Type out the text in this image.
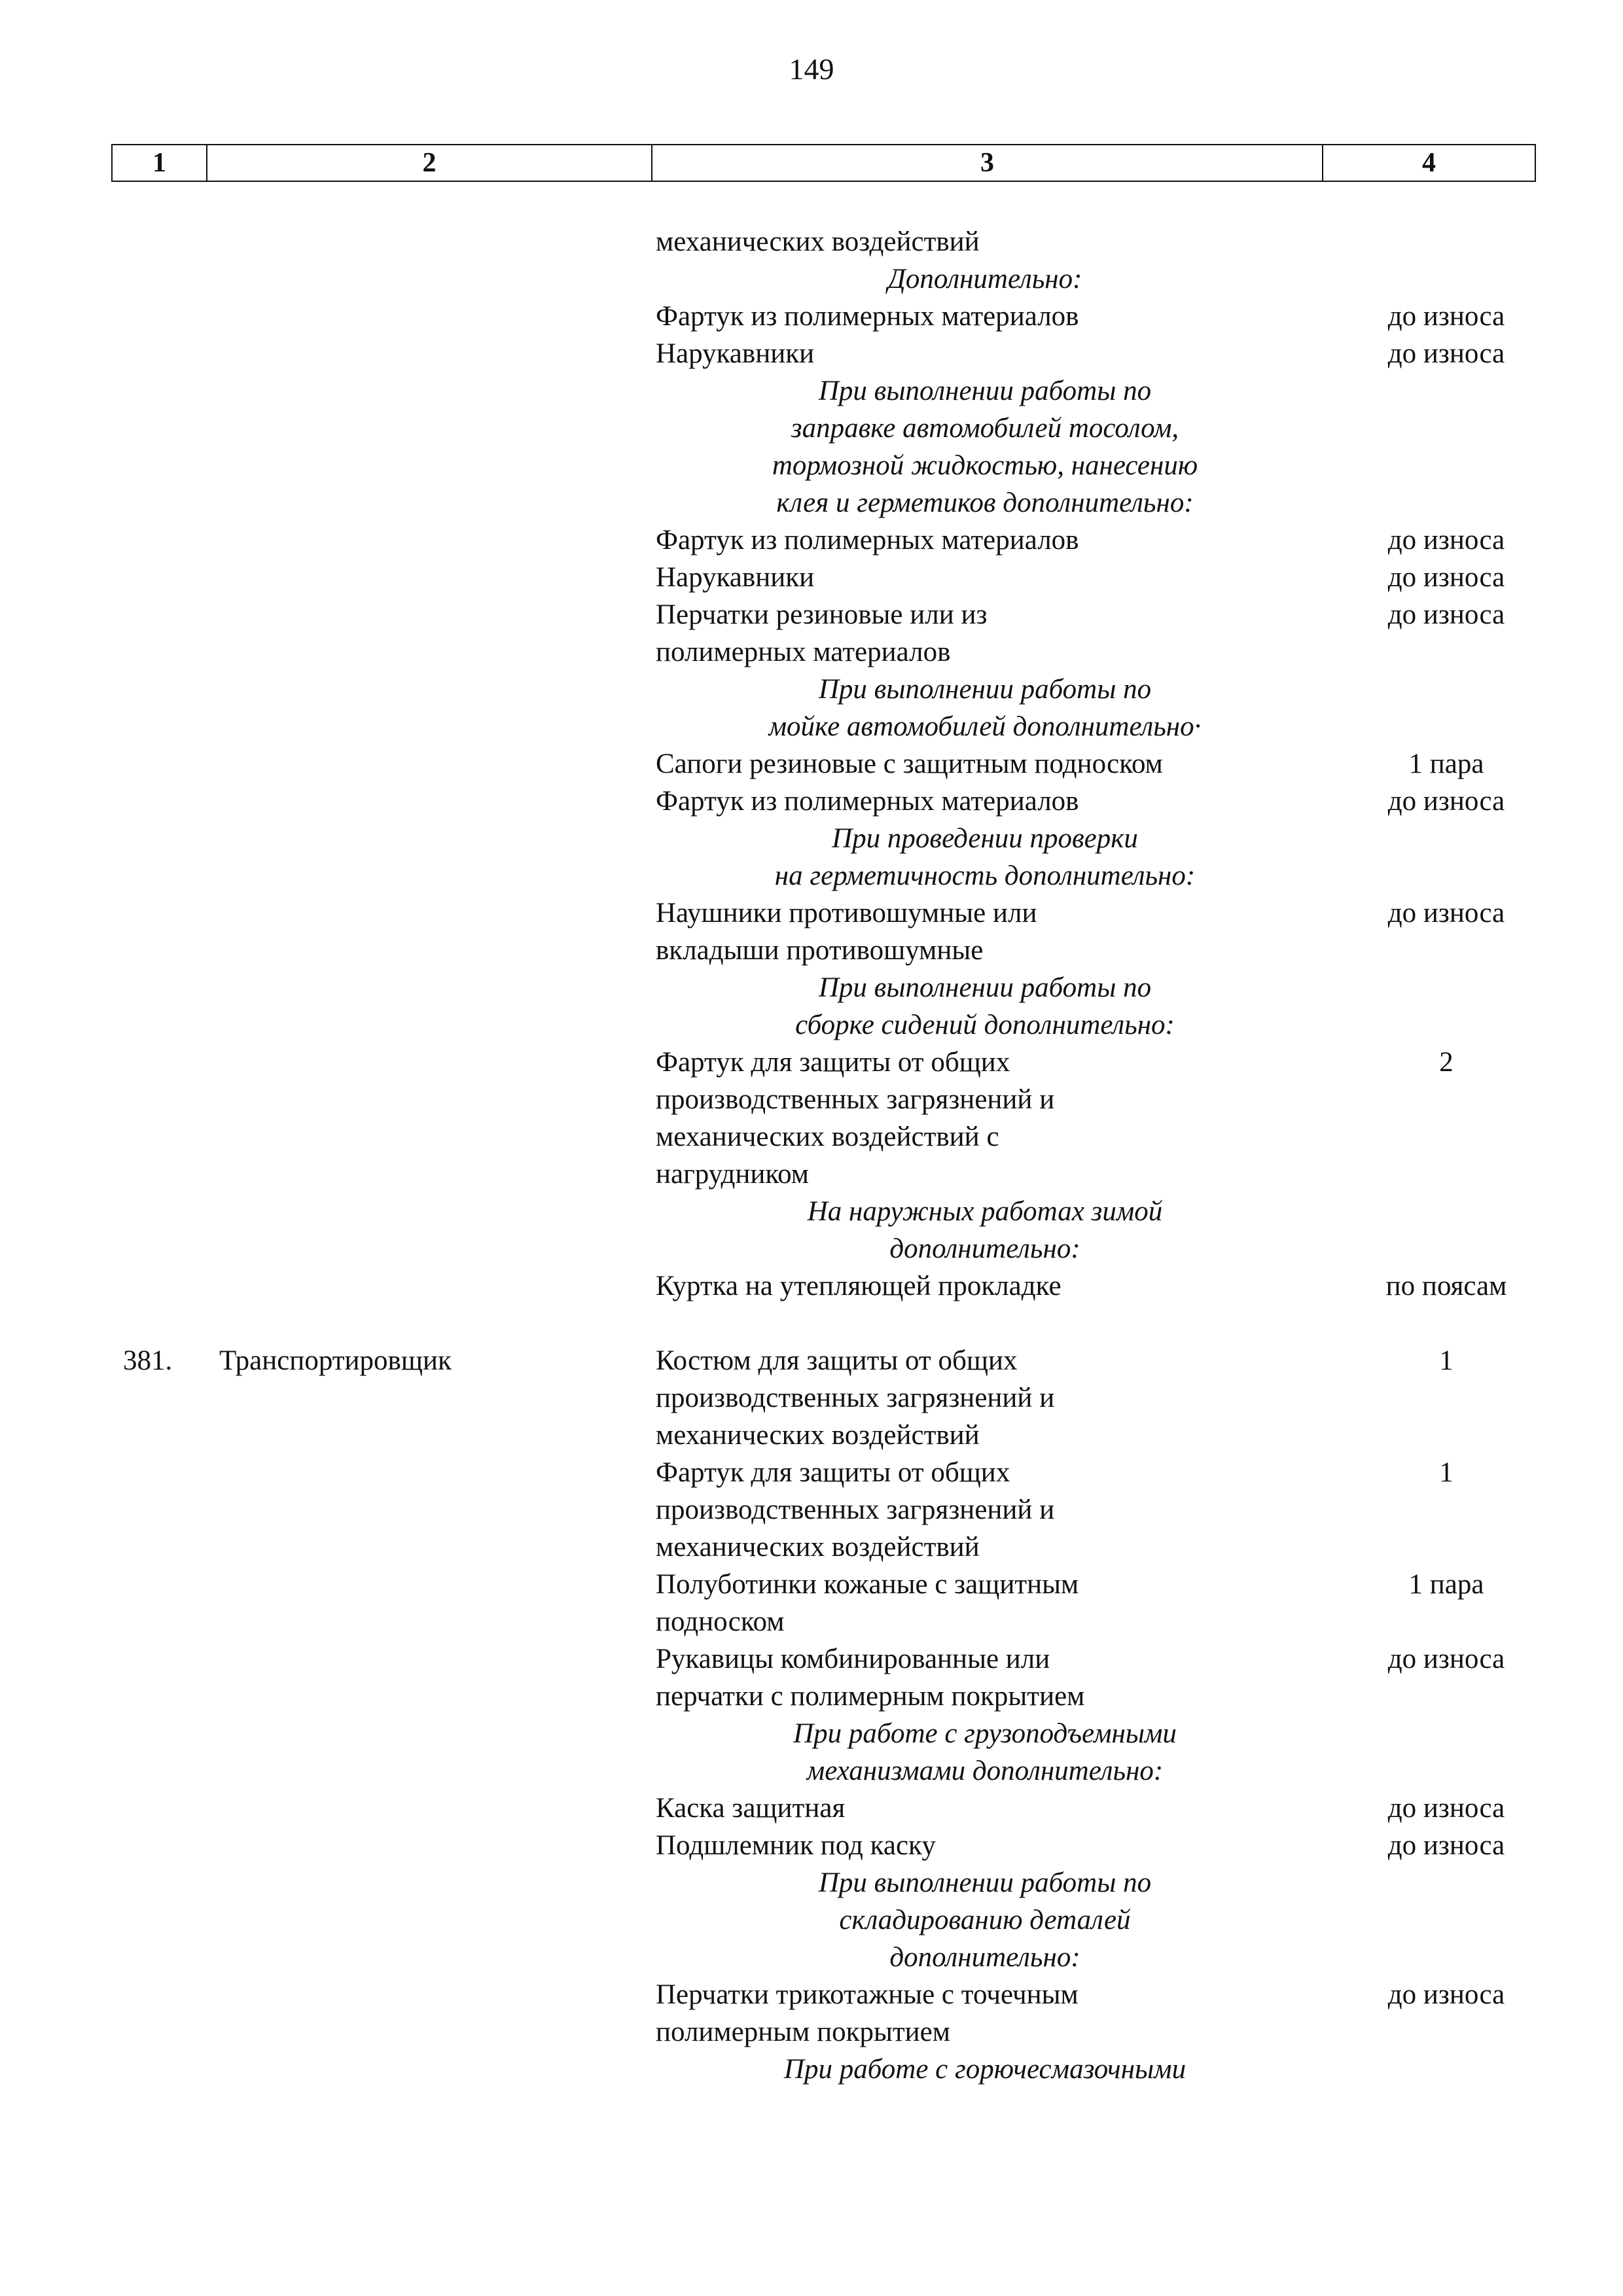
149
1	2	3	4
механических воздействий
Дополнительно:
Фартук из полимерных материалов	до износа
Нарукавники	до износа
При выполнении работы по
заправке автомобилей тосолом,
тормозной жидкостью, нанесению
клея и герметиков дополнительно:
Фартук из полимерных материалов	до износа
Нарукавники	до износа
Перчатки резиновые или из	до износа
полимерных материалов
При выполнении работы по
мойке автомобилей дополнительно·
Сапоги резиновые с защитным подноском	1 пара
Фартук из полимерных материалов	до износа
При проведении проверки
на герметичность дополнительно:
Наушники противошумные или	до износа
вкладыши противошумные
При выполнении работы по
сборке сидений дополнительно:
Фартук для защиты от общих	2
производственных загрязнений и
механических воздействий с
нагрудником
На наружных работах зимой
дополнительно:
Куртка на утепляющей прокладке	по поясам
381. Транспортировщик	Костюм для защиты от общих	1
производственных загрязнений и
механических воздействий
Фартук для защиты от общих	1
производственных загрязнений и
механических воздействий
Полуботинки кожаные с защитным	1 пара
подноском
Рукавицы комбинированные или	до износа
перчатки с полимерным покрытием
При работе с грузоподъемными
механизмами дополнительно:
Каска защитная	до износа
Подшлемник под каску	до износа
При выполнении работы по
складированию деталей
дополнительно:
Перчатки трикотажные с точечным	до износа
полимерным покрытием
При работе с горючесмазочными
